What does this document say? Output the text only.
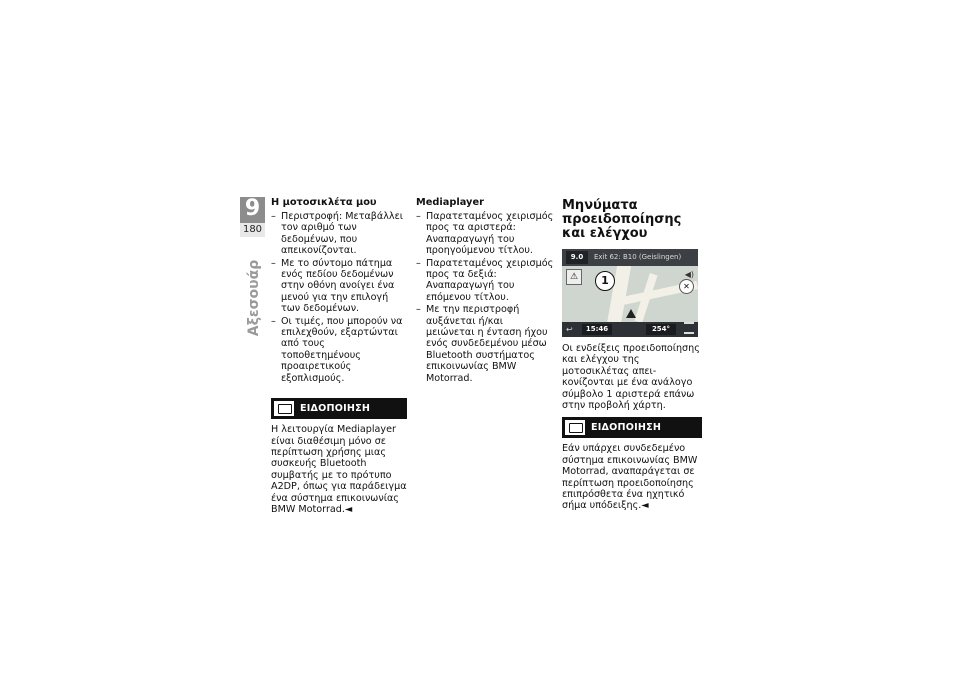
9
180
Αξεσουάρ
Η μοτοσικλέτα μου
– Περιστροφή: Μεταβάλλει τον αριθμό των δεδομένων, που απεικονίζονται.
– Με το σύντομο πάτημα ενός πεδίου δεδομένων στην οθόνη ανοίγει ένα μενού για την επιλογή των δεδομένων.
– Οι τιμές, που μπορούν να επιλεχθούν, εξαρτώνται από τους τοποθετημένους προαιρετικούς εξοπλισμούς.
ΕΙΔΟΠΟΙΗΣΗ

Η λειτουργία Mediaplayer είναι διαθέσιμη μόνο σε περίπτωση χρήσης μιας συσκευής Bluetooth συμβατής με το πρότυπο A2DP, όπως για παράδειγμα ένα σύστημα επικοινωνίας BMW Motorrad.◄

Mediaplayer
– Παρατεταμένος χειρισμός προς τα αριστερά: Αναπαραγωγή του προηγούμενου τίτλου.
– Παρατεταμένος χειρισμός προς τα δεξιά: Αναπαραγωγή του επόμενου τίτλου.
– Με την περιστροφή αυξάνεται ή/και μειώνεται η ένταση ήχου ενός συνδεδεμένου μέσω Bluetooth συστήματος επικοινωνίας BMW Motorrad.
Μηνύματα προειδοποίησης και ελέγχου
9.0	Exit 62: B10 (Geislingen)
⚠	1	◀)
✕
↩	15:46	254°

Οι ενδείξεις προειδοποίησης και ελέγχου της μοτοσικλέτας απεικονίζονται με ένα ανάλογο σύμβολο 1 αριστερά επάνω στην προβολή χάρτη.

ΕΙΔΟΠΟΙΗΣΗ

Εάν υπάρχει συνδεδεμένο σύστημα επικοινωνίας BMW Motorrad, αναπαράγεται σε περίπτωση προειδοποίησης επιπρόσθετα ένα ηχητικό σήμα υπόδειξης.◄
